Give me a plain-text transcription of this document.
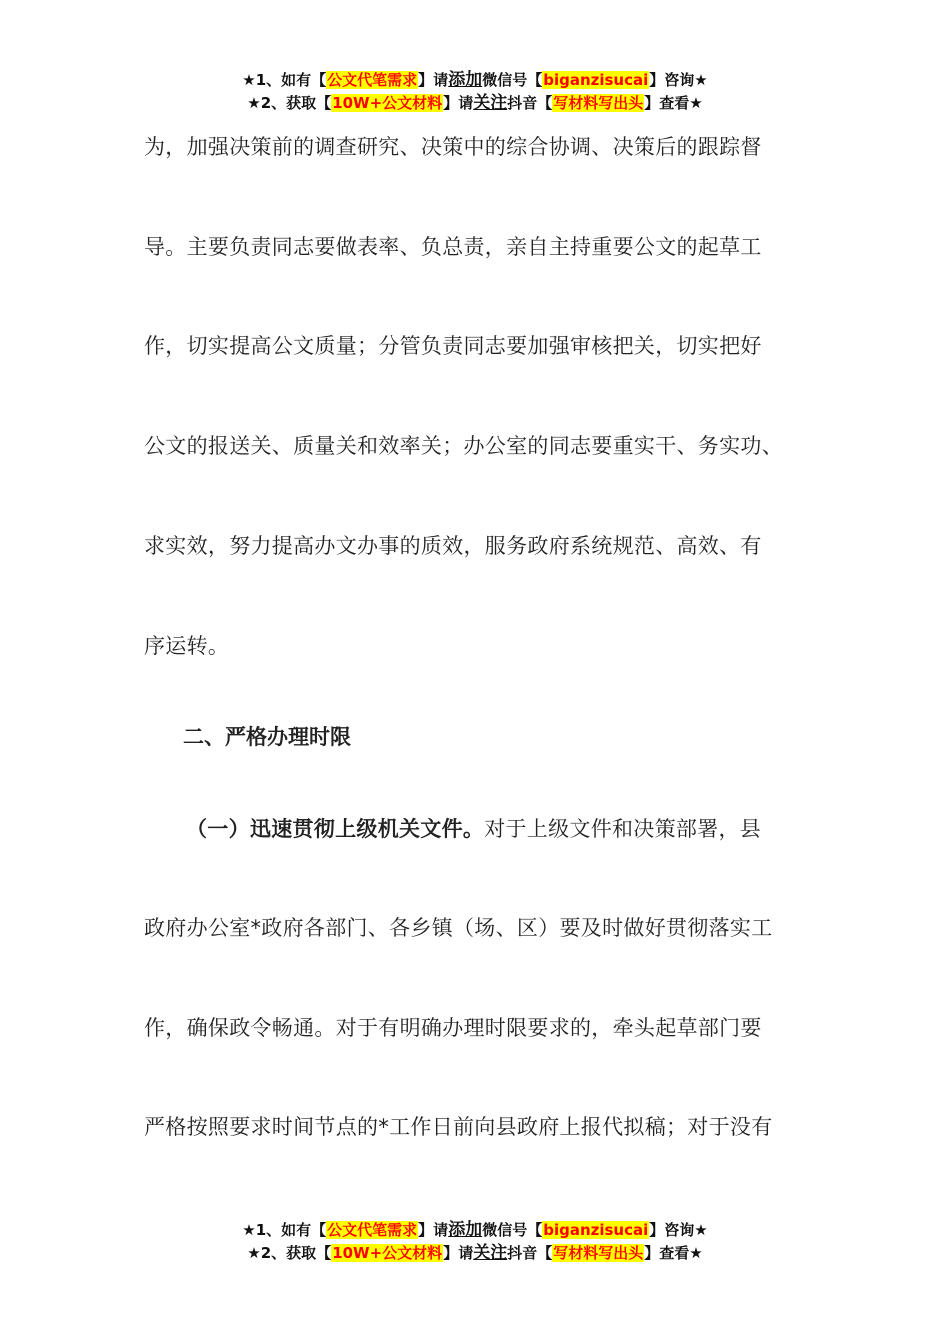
★1、如有【公文代笔需求】请添加微信号【biganzisucai】咨询★
★2、获取【10W+公文材料】请关注抖音【写材料写出头】查看★
为，加强决策前的调查研究、决策中的综合协调、决策后的跟踪督
导。主要负责同志要做表率、负总责，亲自主持重要公文的起草工
作，切实提高公文质量；分管负责同志要加强审核把关，切实把好
公文的报送关、质量关和效率关；办公室的同志要重实干、务实功、
求实效，努力提高办文办事的质效，服务政府系统规范、高效、有
序运转。
二、严格办理时限
（一）迅速贯彻上级机关文件。对于上级文件和决策部署，县
政府办公室*政府各部门、各乡镇（场、区）要及时做好贯彻落实工
作，确保政令畅通。对于有明确办理时限要求的，牵头起草部门要
严格按照要求时间节点的*工作日前向县政府上报代拟稿；对于没有
★1、如有【公文代笔需求】请添加微信号【biganzisucai】咨询★
★2、获取【10W+公文材料】请关注抖音【写材料写出头】查看★
